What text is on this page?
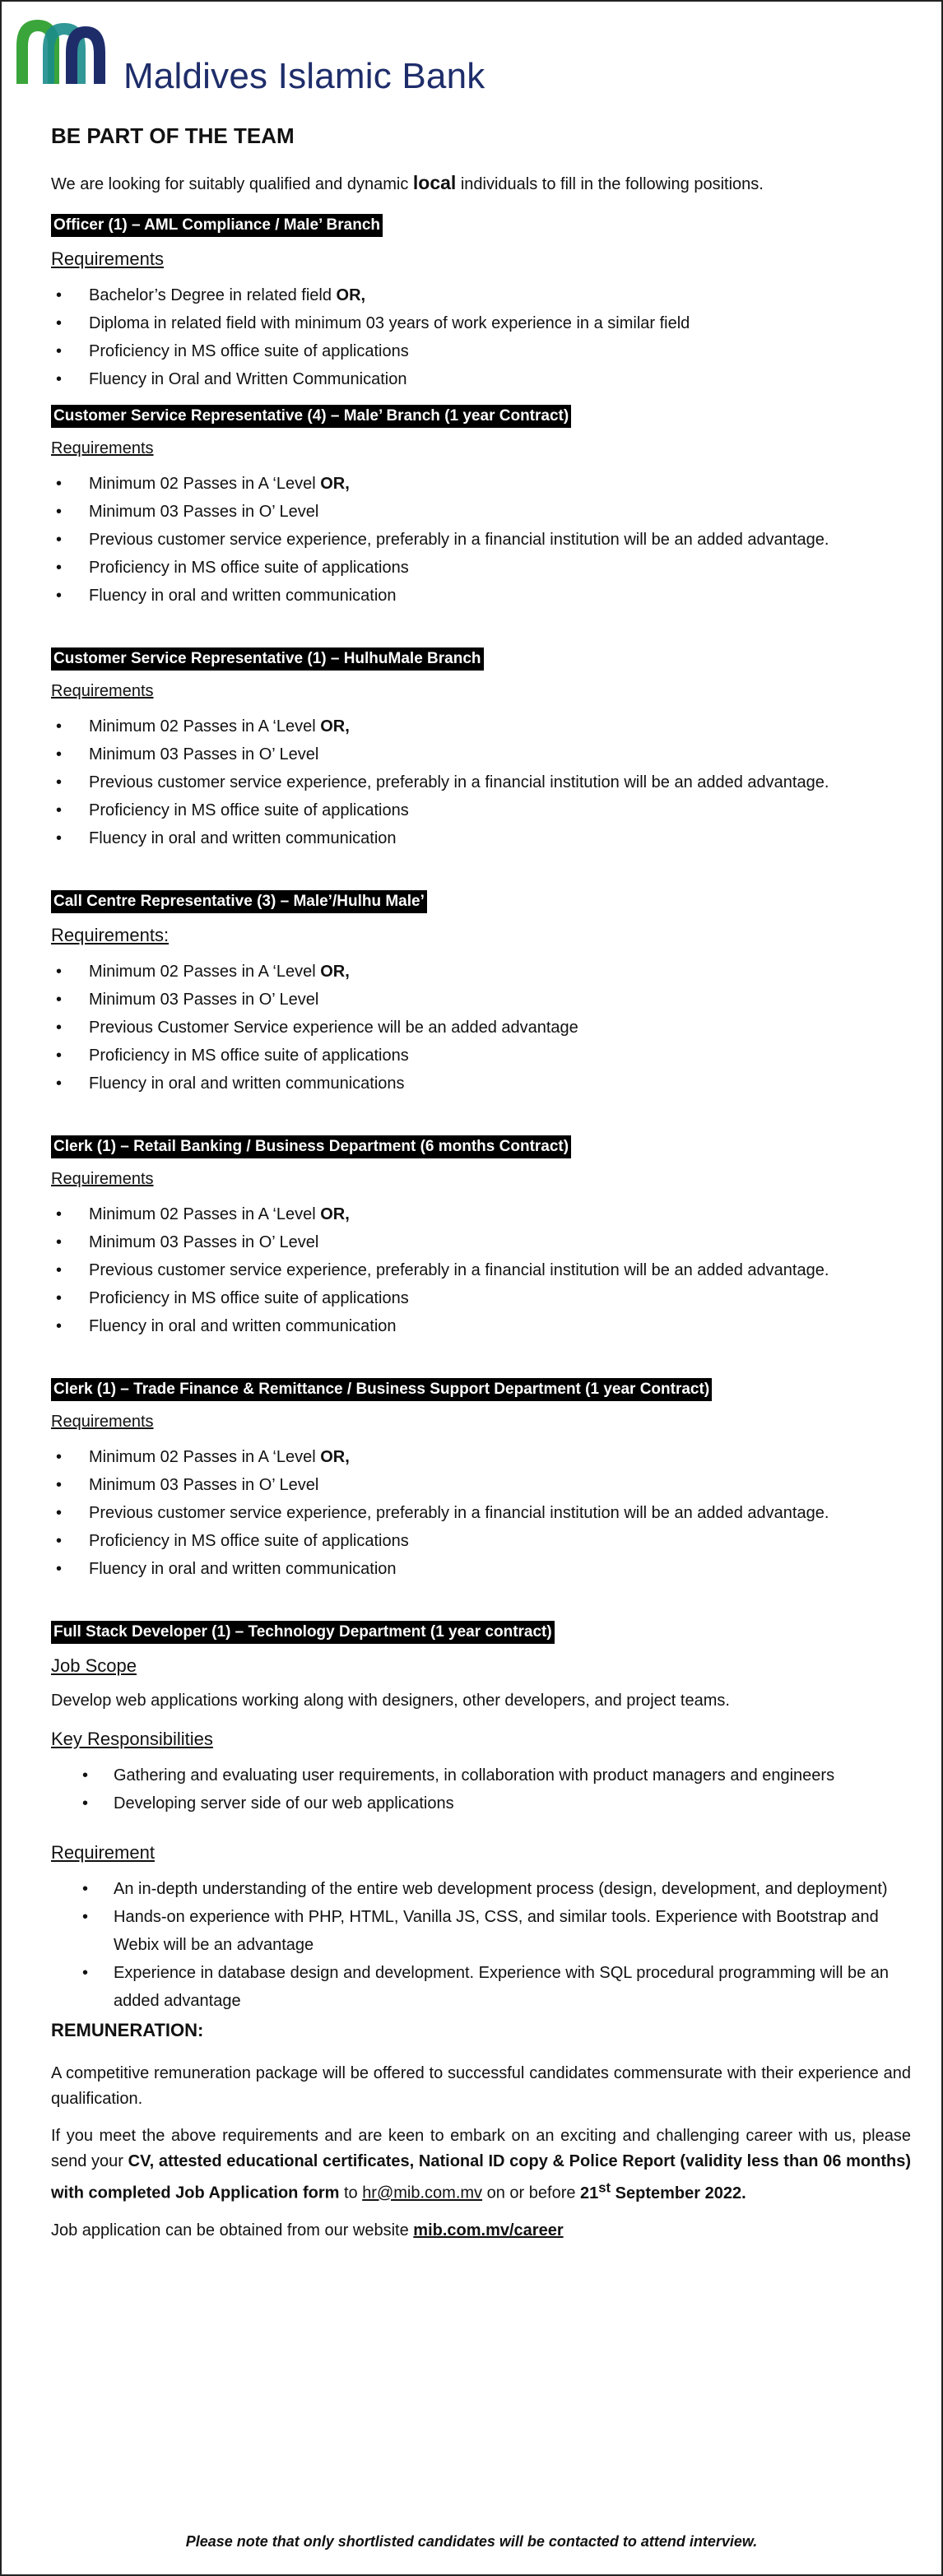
Maldives Islamic Bank
BE PART OF THE TEAM

We are looking for suitably qualified and dynamic local individuals to fill in the following positions.

Officer (1) – AML Compliance / Male’ Branch
Requirements
• Bachelor’s Degree in related field OR,
• Diploma in related field with minimum 03 years of work experience in a similar field
• Proficiency in MS office suite of applications
• Fluency in Oral and Written Communication
Customer Service Representative (4) – Male’ Branch (1 year Contract)
Requirements
• Minimum 02 Passes in A ‘Level OR,
• Minimum 03 Passes in O’ Level
• Previous customer service experience, preferably in a financial institution will be an added advantage.
• Proficiency in MS office suite of applications
• Fluency in oral and written communication
Customer Service Representative (1) – HulhuMale Branch
Requirements
• Minimum 02 Passes in A ‘Level OR,
• Minimum 03 Passes in O’ Level
• Previous customer service experience, preferably in a financial institution will be an added advantage.
• Proficiency in MS office suite of applications
• Fluency in oral and written communication
Call Centre Representative (3) – Male’/Hulhu Male’
Requirements:
• Minimum 02 Passes in A ‘Level OR,
• Minimum 03 Passes in O’ Level
• Previous Customer Service experience will be an added advantage
• Proficiency in MS office suite of applications
• Fluency in oral and written communications
Clerk (1) – Retail Banking / Business Department (6 months Contract)
Requirements
• Minimum 02 Passes in A ‘Level OR,
• Minimum 03 Passes in O’ Level
• Previous customer service experience, preferably in a financial institution will be an added advantage.
• Proficiency in MS office suite of applications
• Fluency in oral and written communication
Clerk (1) – Trade Finance & Remittance / Business Support Department (1 year Contract)
Requirements
• Minimum 02 Passes in A ‘Level OR,
• Minimum 03 Passes in O’ Level
• Previous customer service experience, preferably in a financial institution will be an added advantage.
• Proficiency in MS office suite of applications
• Fluency in oral and written communication
Full Stack Developer (1) – Technology Department (1 year contract)
Job Scope

Develop web applications working along with designers, other developers, and project teams.

Key Responsibilities
• Gathering and evaluating user requirements, in collaboration with product managers and engineers
• Developing server side of our web applications
Requirement
• An in-depth understanding of the entire web development process (design, development, and deployment)
• Hands-on experience with PHP, HTML, Vanilla JS, CSS, and similar tools. Experience with Bootstrap and Webix will be an advantage
• Experience in database design and development. Experience with SQL procedural programming will be an added advantage
REMUNERATION:

A competitive remuneration package will be offered to successful candidates commensurate with their experience and qualification.

If you meet the above requirements and are keen to embark on an exciting and challenging career with us, please send your CV, attested educational certificates, National ID copy & Police Report (validity less than 06 months) with completed Job Application form to hr@mib.com.mv on or before 21st September 2022.

Job application can be obtained from our website mib.com.mv/career

Please note that only shortlisted candidates will be contacted to attend interview.
